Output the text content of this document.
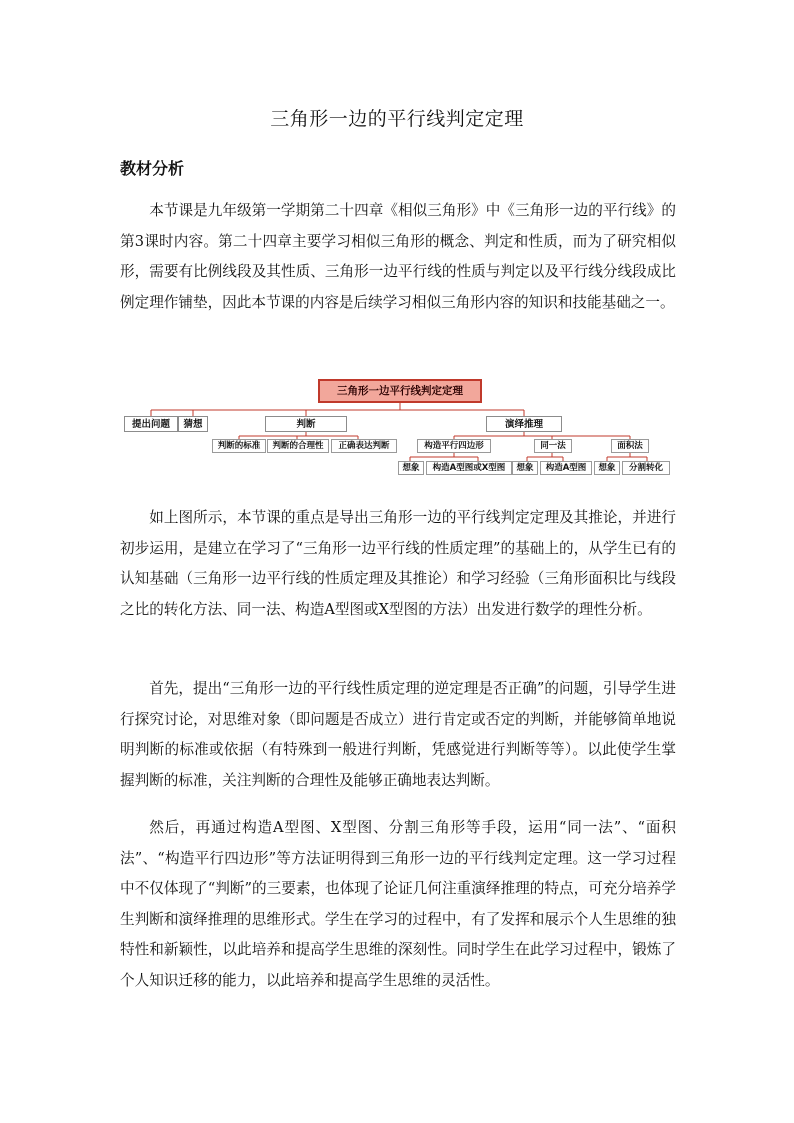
三角形一边的平行线判定定理
教材分析

本节课是九年级第一学期第二十四章《相似三角形》中《三角形一边的平行线》的第3课时内容。第二十四章主要学习相似三角形的概念、判定和性质，而为了研究相似形，需要有比例线段及其性质、三角形一边平行线的性质与判定以及平行线分线段成比例定理作铺垫，因此本节课的内容是后续学习相似三角形内容的知识和技能基础之一。

三角形一边平行线判定定理
提出问题	猜想	判断	演绎推理
判断的标准	判断的合理性	正确表达判断	构造平行四边形	同一法	面积法
想象	构造A型图或X型图	想象	构造A型图	想象	分割转化

如上图所示，本节课的重点是导出三角形一边的平行线判定定理及其推论，并进行初步运用，是建立在学习了“三角形一边平行线的性质定理”的基础上的，从学生已有的认知基础（三角形一边平行线的性质定理及其推论）和学习经验（三角形面积比与线段之比的转化方法、同一法、构造A型图或X型图的方法）出发进行数学的理性分析。

首先，提出“三角形一边的平行线性质定理的逆定理是否正确”的问题，引导学生进行探究讨论，对思维对象（即问题是否成立）进行肯定或否定的判断，并能够简单地说明判断的标准或依据（有特殊到一般进行判断，凭感觉进行判断等等）。以此使学生掌握判断的标准，关注判断的合理性及能够正确地表达判断。

然后，再通过构造A型图、X型图、分割三角形等手段，运用“同一法”、“面积法”、“构造平行四边形”等方法证明得到三角形一边的平行线判定定理。这一学习过程中不仅体现了“判断”的三要素，也体现了论证几何注重演绎推理的特点，可充分培养学生判断和演绎推理的思维形式。学生在学习的过程中，有了发挥和展示个人生思维的独特性和新颖性，以此培养和提高学生思维的深刻性。同时学生在此学习过程中，锻炼了个人知识迁移的能力，以此培养和提高学生思维的灵活性。
